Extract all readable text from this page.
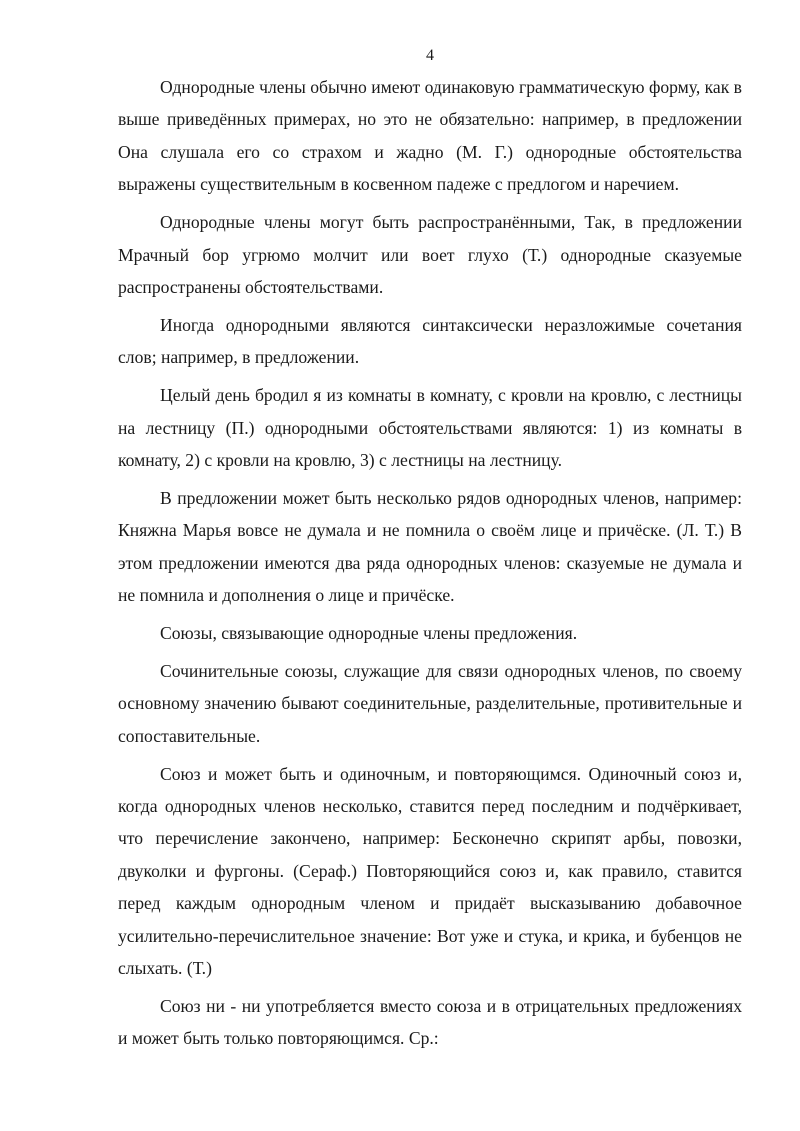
4

Однородные члены обычно имеют одинаковую грамматическую форму, как в выше приведённых примерах, но это не обязательно: например, в предложении Она слушала его со страхом и жадно (М. Г.) однородные обстоятельства выражены существительным в косвенном падеже с предлогом и наречием.

Однородные члены могут быть распространёнными, Так, в предложении Мрачный бор угрюмо молчит или воет глухо (Т.) однородные сказуемые распространены обстоятельствами.

Иногда однородными являются синтаксически неразложимые сочетания слов; например, в предложении.

Целый день бродил я из комнаты в комнату, с кровли на кровлю, с лестницы на лестницу (П.) однородными обстоятельствами являются: 1) из комнаты в комнату, 2) с кровли на кровлю, 3) с лестницы на лестницу.

В предложении может быть несколько рядов однородных членов, например: Княжна Марья вовсе не думала и не помнила о своём лице и причёске. (Л. Т.) В этом предложении имеются два ряда однородных членов: сказуемые не думала и не помнила и дополнения о лице и причёске.

Союзы, связывающие однородные члены предложения.

Сочинительные союзы, служащие для связи однородных членов, по своему основному значению бывают соединительные, разделительные, противительные и сопоставительные.

Союз и может быть и одиночным, и повторяющимся. Одиночный союз и, когда однородных членов несколько, ставится перед последним и подчёркивает, что перечисление закончено, например: Бесконечно скрипят арбы, повозки, двуколки и фургоны. (Сераф.) Повторяющийся союз и, как правило, ставится перед каждым однородным членом и придаёт высказыванию добавочное усилительно-перечислительное значение: Вот уже и стука, и крика, и бубенцов не слыхать. (Т.)

Союз ни - ни употребляется вместо союза и в отрицательных предложениях и может быть только повторяющимся. Ср.:
